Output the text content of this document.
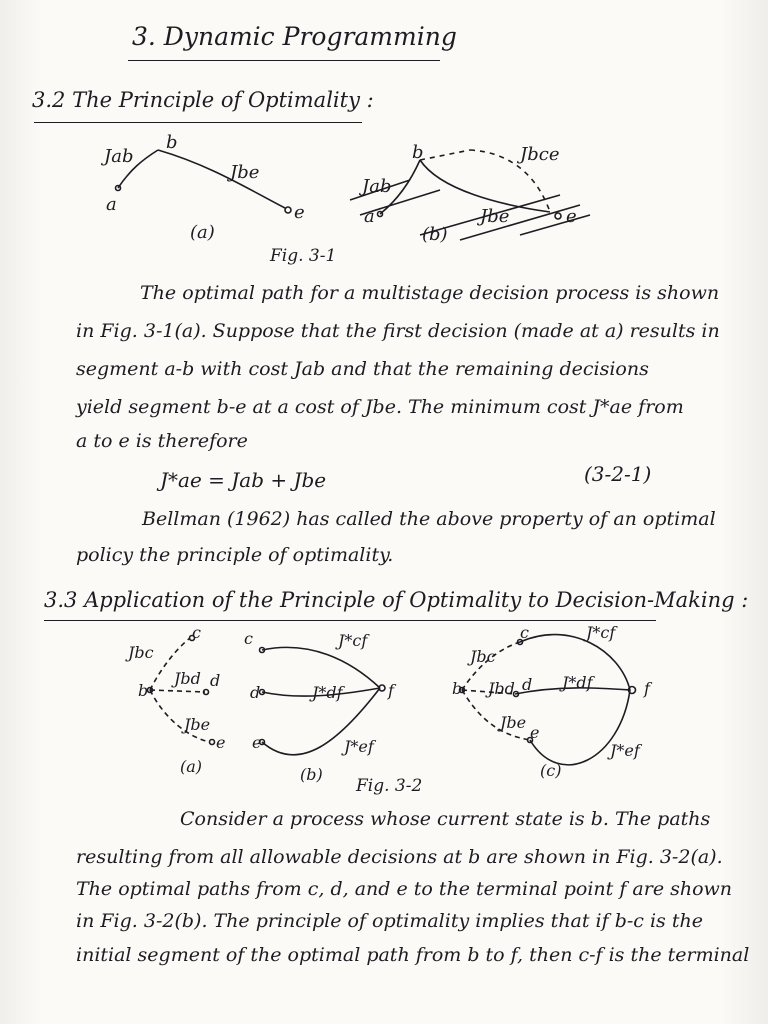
3. Dynamic Programming
3.2 The Principle of Optimality :
Jab
b
Jbe
a	e
(a)
b
Jab
Jbce
Jbe
a	e
(b)
Fig. 3-1
The optimal path for a multistage decision process is shown
in Fig. 3-1(a). Suppose that the first decision (made at a) results in
segment a-b with cost Jab and that the remaining decisions
yield segment b-e at a cost of Jbe. The minimum cost J*ae from
a to e is therefore
J*ae = Jab + Jbe	(3-2-1)
Bellman (1962) has called the above property of an optimal
policy the principle of optimality.
3.3 Application of the Principle of Optimality to Decision-Making :
Jbc
c
Jbd d
b
Jbe
e
(a)
c	J*cf
d	J*df
e	J*ef
f
(b)
Jbc
c	J*cf
Jbd d J*df
b
Jbe
e
f
J*ef
(c)
Fig. 3-2
Consider a process whose current state is b. The paths
resulting from all allowable decisions at b are shown in Fig. 3-2(a).
The optimal paths from c, d, and e to the terminal point f are shown
in Fig. 3-2(b). The principle of optimality implies that if b-c is the
initial segment of the optimal path from b to f, then c-f is the terminal
